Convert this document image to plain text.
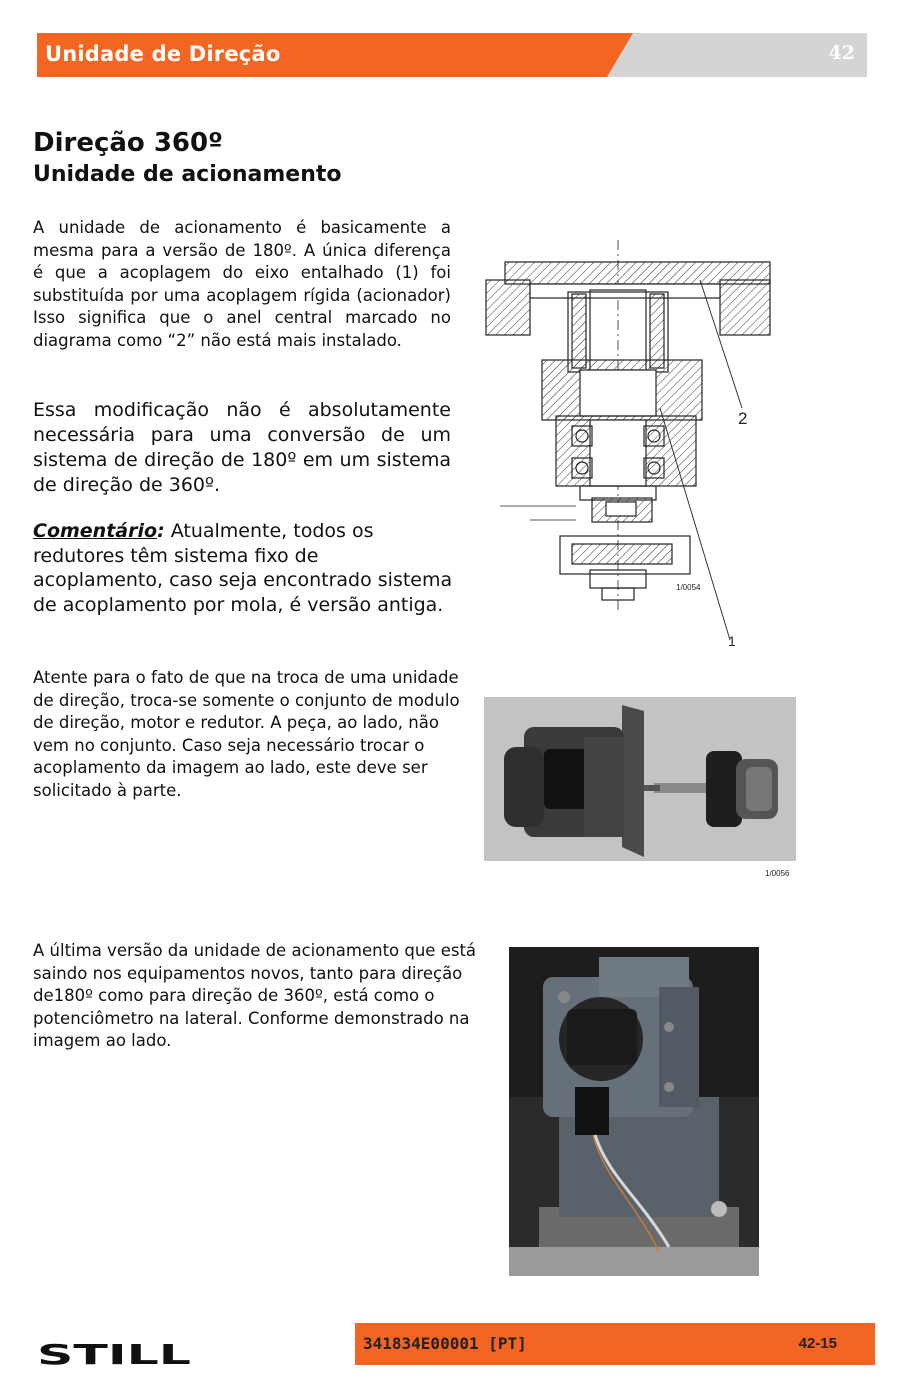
Unidade de Direção	42
Direção 360º
Unidade de acionamento
A unidade de acionamento é basicamente a mesma para a versão de 180º. A única diferença é que a acoplagem do eixo entalhado (1) foi substituída por uma acoplagem rígida (acionador) Isso significa que o anel central marcado no diagrama como “2” não está mais instalado.
Essa modificação não é absolutamente necessária para uma conversão de um sistema de direção de 180º em um sistema de direção de 360º.
Comentário: Atualmente, todos os redutores têm sistema fixo de acoplamento, caso seja encontrado sistema de acoplamento por mola, é versão antiga.
Atente para o fato de que na troca de uma unidade de direção, troca-se somente o conjunto de modulo de direção, motor e redutor. A peça, ao lado, não vem no conjunto. Caso seja necessário trocar o acoplamento da imagem ao lado, este deve ser solicitado à parte.
A última versão da unidade de acionamento que está saindo nos equipamentos novos, tanto para direção de180º como para direção de 360º, está como o potenciômetro na lateral. Conforme demonstrado na imagem ao lado.
2
1
1/0054
1/0056
STILL	341834E00001 [PT]	42-15
